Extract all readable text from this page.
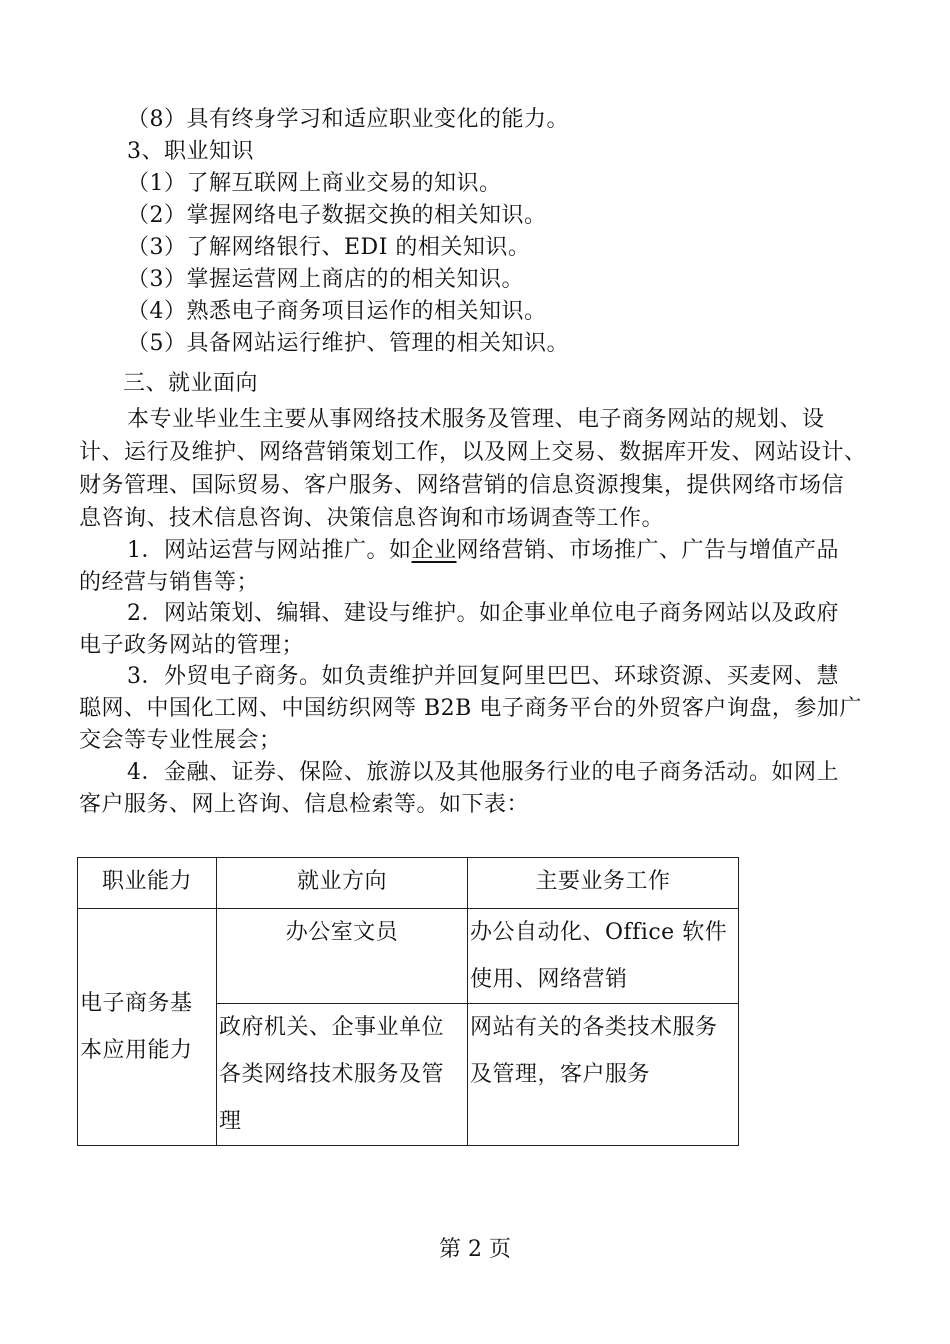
（8）具有终身学习和适应职业变化的能力。
3、职业知识
（1）了解互联网上商业交易的知识。
（2）掌握网络电子数据交换的相关知识。
（3）了解网络银行、EDI 的相关知识。
（3）掌握运营网上商店的的相关知识。
（4）熟悉电子商务项目运作的相关知识。
（5）具备网站运行维护、管理的相关知识。
三、就业面向
本专业毕业生主要从事网络技术服务及管理、电子商务网站的规划、设
计、运行及维护、网络营销策划工作，以及网上交易、数据库开发、网站设计、
财务管理、国际贸易、客户服务、网络营销的信息资源搜集，提供网络市场信
息咨询、技术信息咨询、决策信息咨询和市场调查等工作。
1．网站运营与网站推广。如企业网络营销、市场推广、广告与增值产品
的经营与销售等；
2．网站策划、编辑、建设与维护。如企事业单位电子商务网站以及政府
电子政务网站的管理；
3．外贸电子商务。如负责维护并回复阿里巴巴、环球资源、买麦网、慧
聪网、中国化工网、中国纺织网等 B2B 电子商务平台的外贸客户询盘，参加广
交会等专业性展会；
4．金融、证券、保险、旅游以及其他服务行业的电子商务活动。如网上
客户服务、网上咨询、信息检索等。如下表：
职业能力	就业方向	主要业务工作
电子商务基本应用能力	办公室文员	办公自动化、Office 软件使用、网络营销
	政府机关、企事业单位各类网络技术服务及管理	网站有关的各类技术服务及管理，客户服务
第 2 页
